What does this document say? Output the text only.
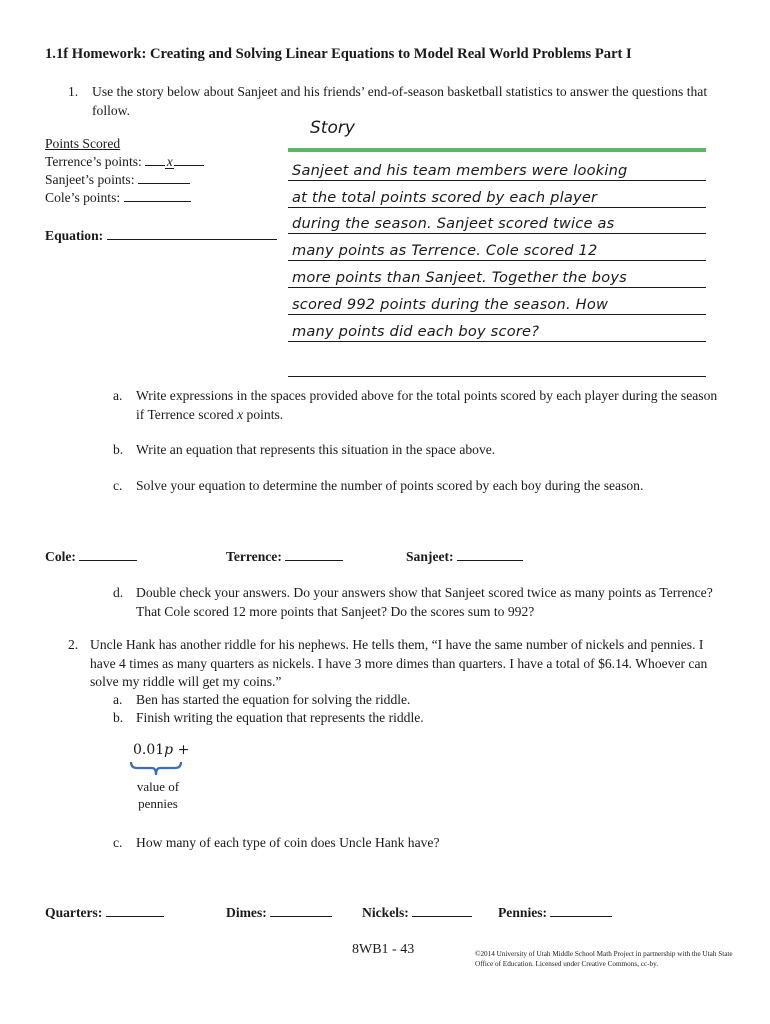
1.1f Homework: Creating and Solving Linear Equations to Model Real World Problems Part I
1. Use the story below about Sanjeet and his friends’ end-of-season basketball statistics to answer the questions that follow.
Points Scored
Terrence’s points: x
Sanjeet’s points:
Cole’s points:
Equation:
Story
Sanjeet and his team members were looking
at the total points scored by each player
during the season. Sanjeet scored twice as
many points as Terrence. Cole scored 12
more points than Sanjeet. Together the boys
scored 992 points during the season. How
many points did each boy score?
a. Write expressions in the spaces provided above for the total points scored by each player during the season if Terrence scored x points.
b. Write an equation that represents this situation in the space above.
c. Solve your equation to determine the number of points scored by each boy during the season.
Cole:	Terrence:	Sanjeet:
d. Double check your answers. Do your answers show that Sanjeet scored twice as many points as Terrence? That Cole scored 12 more points that Sanjeet? Do the scores sum to 992?
2. Uncle Hank has another riddle for his nephews. He tells them, “I have the same number of nickels and pennies. I have 4 times as many quarters as nickels. I have 3 more dimes than quarters. I have a total of $6.14. Whoever can solve my riddle will get my coins.”
a. Ben has started the equation for solving the riddle.
b. Finish writing the equation that represents the riddle.
0.01p +
value of pennies
c. How many of each type of coin does Uncle Hank have?
Quarters:	Dimes:	Nickels:	Pennies:
8WB1 - 43	©2014 University of Utah Middle School Math Project in partnership with the Utah State Office of Education. Licensed under Creative Commons, cc-by.
